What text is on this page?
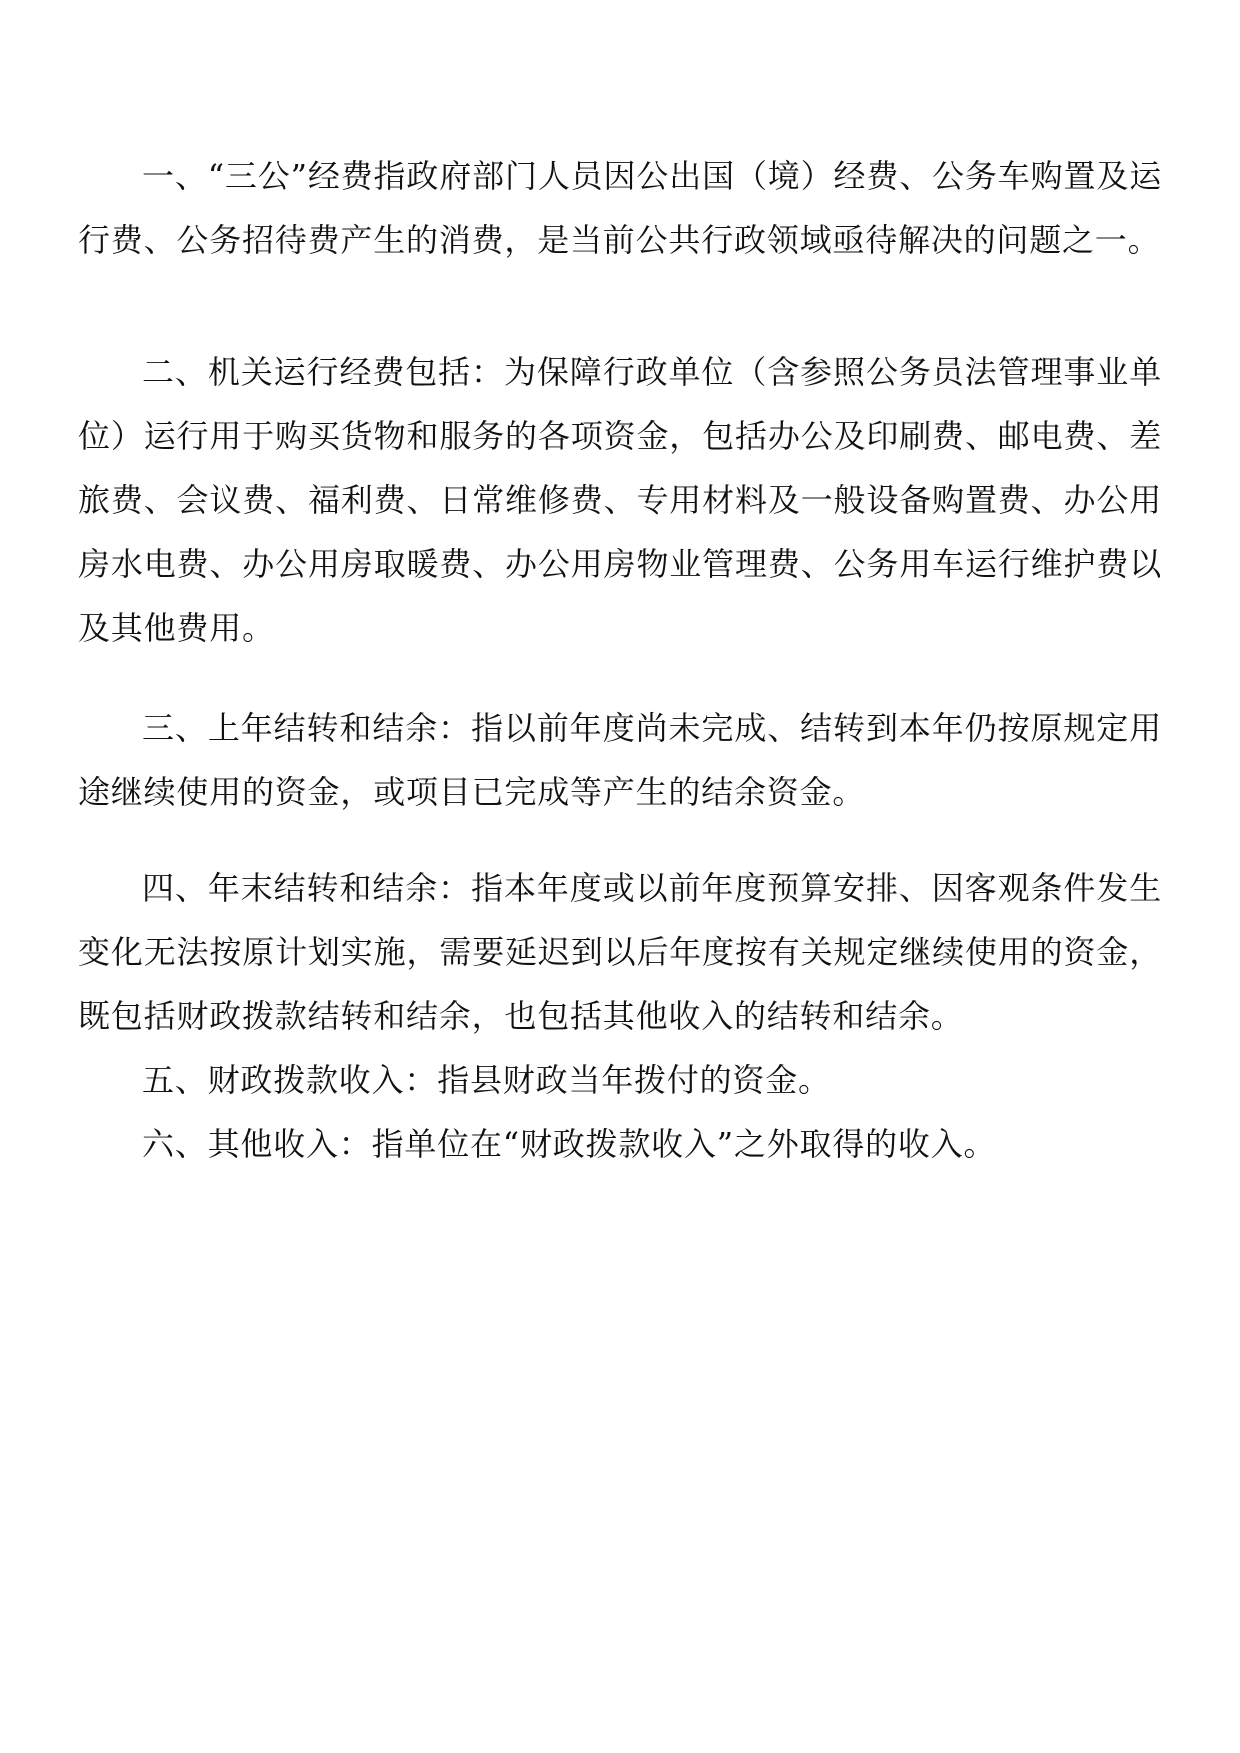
一、“三公”经费指政府部门人员因公出国（境）经费、公务车购置及运行费、公务招待费产生的消费，是当前公共行政领域亟待解决的问题之一。

二、机关运行经费包括：为保障行政单位（含参照公务员法管理事业单位）运行用于购买货物和服务的各项资金，包括办公及印刷费、邮电费、差旅费、会议费、福利费、日常维修费、专用材料及一般设备购置费、办公用房水电费、办公用房取暖费、办公用房物业管理费、公务用车运行维护费以及其他费用。

三、上年结转和结余：指以前年度尚未完成、结转到本年仍按原规定用途继续使用的资金，或项目已完成等产生的结余资金。

四、年末结转和结余：指本年度或以前年度预算安排、因客观条件发生变化无法按原计划实施，需要延迟到以后年度按有关规定继续使用的资金，既包括财政拨款结转和结余，也包括其他收入的结转和结余。

五、财政拨款收入：指县财政当年拨付的资金。

六、其他收入：指单位在“财政拨款收入”之外取得的收入。
